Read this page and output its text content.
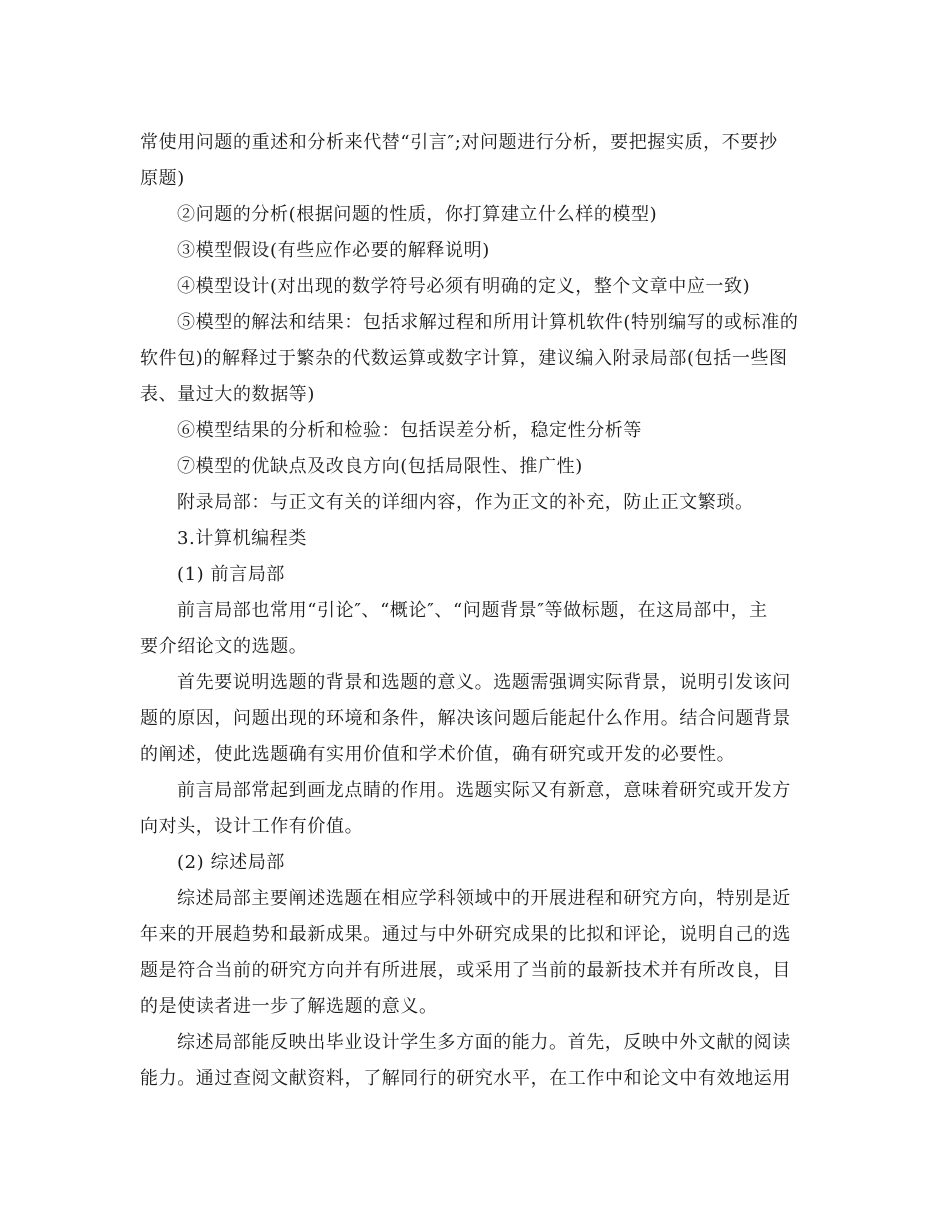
常使用问题的重述和分析来代替“引言″;对问题进行分析，要把握实质，不要抄
原题)
②问题的分析(根据问题的性质，你打算建立什么样的模型)
③模型假设(有些应作必要的解释说明)
④模型设计(对出现的数学符号必须有明确的定义，整个文章中应一致)
⑤模型的解法和结果：包括求解过程和所用计算机软件(特别编写的或标准的
软件包)的解释过于繁杂的代数运算或数字计算，建议编入附录局部(包括一些图
表、量过大的数据等)
⑥模型结果的分析和检验：包括误差分析，稳定性分析等
⑦模型的优缺点及改良方向(包括局限性、推广性)
附录局部：与正文有关的详细内容，作为正文的补充，防止正文繁琐。
3.计算机编程类
(1) 前言局部
前言局部也常用“引论″、“概论″、“问题背景″等做标题，在这局部中，主
要介绍论文的选题。
首先要说明选题的背景和选题的意义。选题需强调实际背景，说明引发该问
题的原因，问题出现的环境和条件，解决该问题后能起什么作用。结合问题背景
的阐述，使此选题确有实用价值和学术价值，确有研究或开发的必要性。
前言局部常起到画龙点睛的作用。选题实际又有新意，意味着研究或开发方
向对头，设计工作有价值。
(2) 综述局部
综述局部主要阐述选题在相应学科领域中的开展进程和研究方向，特别是近
年来的开展趋势和最新成果。通过与中外研究成果的比拟和评论，说明自己的选
题是符合当前的研究方向并有所进展，或采用了当前的最新技术并有所改良，目
的是使读者进一步了解选题的意义。
综述局部能反映出毕业设计学生多方面的能力。首先，反映中外文献的阅读
能力。通过查阅文献资料，了解同行的研究水平，在工作中和论文中有效地运用
